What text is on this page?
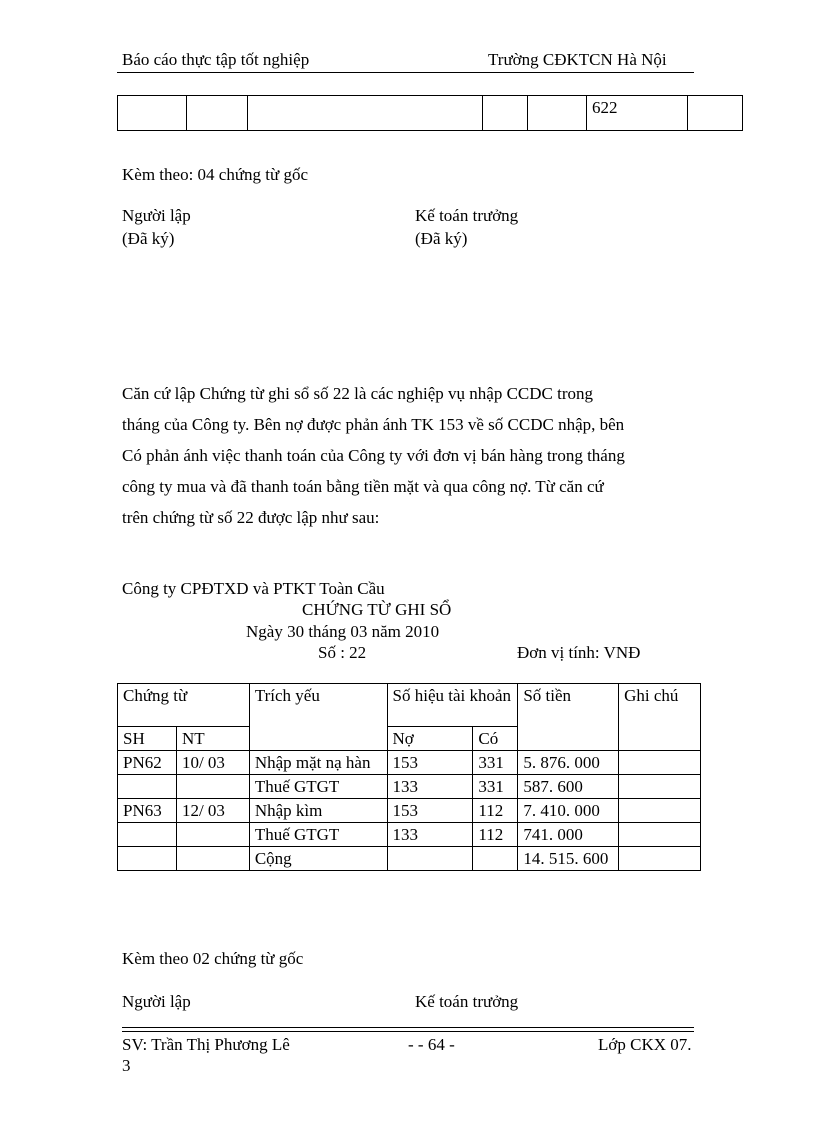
Báo cáo thực tập tốt nghiệp	Trường CĐKTCN Hà Nội
					622	
Kèm theo: 04 chứng từ gốc
Người lập
(Đã ký)
Kế toán trưởng
(Đã ký)
Căn cứ lập Chứng từ ghi sổ số 22 là các nghiệp vụ nhập CCDC trong
tháng của Công ty. Bên nợ được phản ánh TK 153 về số CCDC nhập, bên
Có phản ánh việc thanh toán của Công ty với đơn vị bán hàng trong tháng
công ty mua và đã thanh toán bằng tiền mặt và qua công nợ. Từ căn cứ
trên chứng từ số 22 được lập như sau:
Công ty CPĐTXD và PTKT Toàn Cầu
CHỨNG TỪ GHI SỔ
Ngày 30 tháng 03 năm 2010
Số : 22	Đơn vị tính: VNĐ
Chứng từ		Trích yếu	Số hiệu tài khoản		Số tiền	Ghi chú
SH	NT		Nợ	Có		
PN62	10/ 03	Nhập mặt nạ hàn	153	331	5. 876. 000	
		Thuế GTGT	133	331	587. 600	
PN63	12/ 03	Nhập kìm	153	112	7. 410. 000	
		Thuế GTGT	133	112	741. 000	
		Cộng			14. 515. 600	
Kèm theo 02 chứng từ gốc
Người lập	Kế toán trưởng
SV: Trần Thị Phương Lê
3
- - 64 -	Lớp CKX 07.
